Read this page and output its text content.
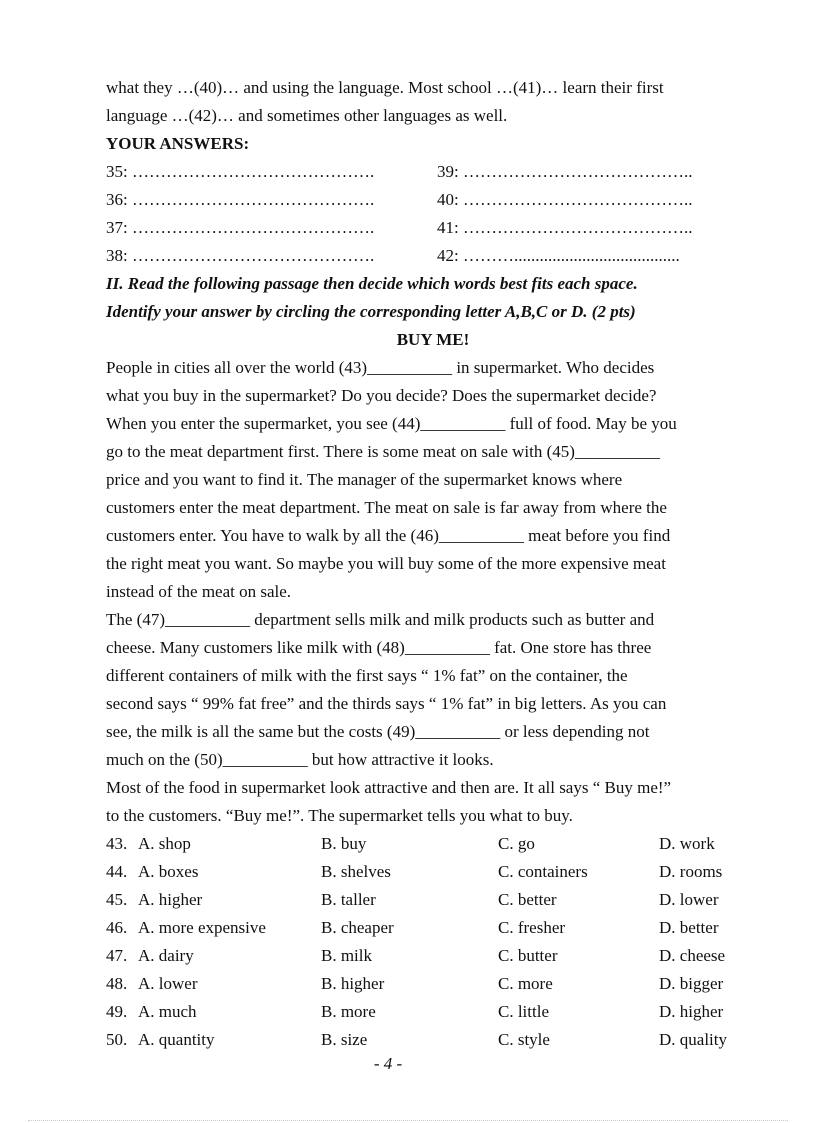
what they …(40)… and using the language. Most school …(41)… learn their first
language …(42)… and sometimes other languages as well.
YOUR ANSWERS:
35: …………………………………….	39: …………………………………..
36: …………………………………….	40: …………………………………..
37: …………………………………….	41: …………………………………..
38: …………………………………….	42: ……….......................................
II. Read the following passage then decide which words best fits each space.
Identify your answer by circling the corresponding letter A,B,C or D. (2 pts)
BUY ME!
People in cities all over the world (43)__________ in supermarket. Who decides
what you buy in the supermarket? Do you decide? Does the supermarket decide?
When you enter the supermarket, you see (44)__________ full of food. May be you
go to the meat department first. There is some meat on sale with (45)__________
price and you want to find it. The manager of the supermarket knows where
customers enter the meat department. The meat on sale is far away from where the
customers enter. You have to walk by all the (46)__________ meat before you find
the right meat you want. So maybe you will buy some of the more expensive meat
instead of the meat on sale.
The (47)__________ department sells milk and milk products such as butter and
cheese. Many customers like milk with (48)__________ fat. One store has three
different containers of milk with the first says “ 1% fat” on the container, the
second says “ 99% fat free” and the thirds says “ 1% fat” in big letters. As you can
see, the milk is all the same but the costs (49)__________ or less depending not
much on the (50)__________ but how attractive it looks.
Most of the food in supermarket look attractive and then are. It all says “ Buy me!”
to the customers. “Buy me!”. The supermarket tells you what to buy.
43. A. shop	B. buy	C. go	D. work
44. A. boxes	B. shelves	C. containers	D. rooms
45. A. higher	B. taller	C. better	D. lower
46. A. more expensive	B. cheaper	C. fresher	D. better
47. A. dairy	B. milk	C. butter	D. cheese
48. A. lower	B. higher	C. more	D. bigger
49. A. much	B. more	C. little	D. higher
50. A. quantity	B. size	C. style	D. quality
- 4 -
